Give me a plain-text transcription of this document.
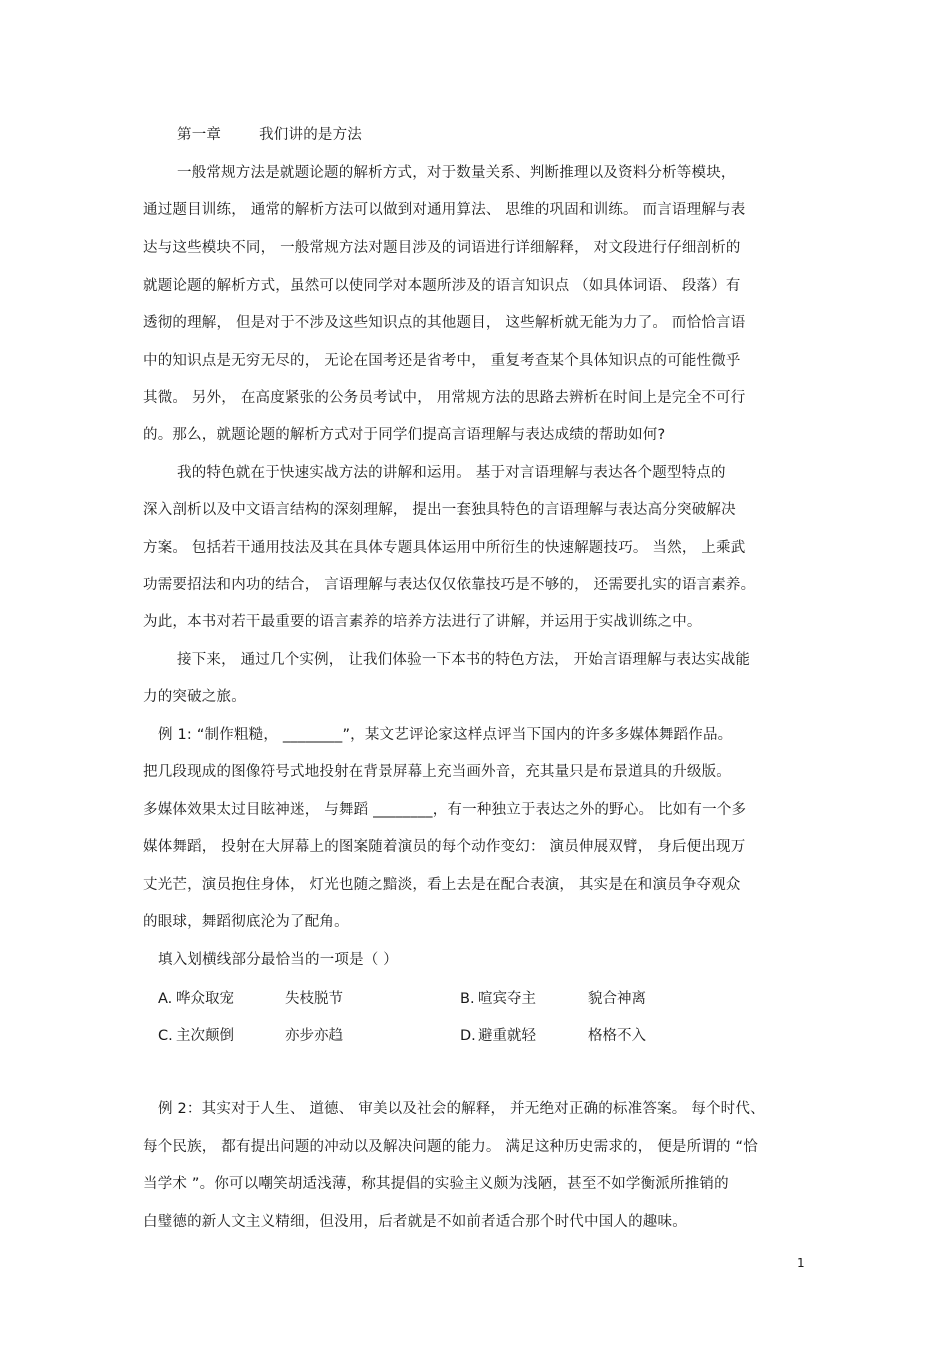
第一章	我们讲的是方法
一般常规方法是就题论题的解析方式，对于数量关系、判断推理以及资料分析等模块，
通过题目训练， 通常的解析方法可以做到对通用算法、 思维的巩固和训练。 而言语理解与表
达与这些模块不同， 一般常规方法对题目涉及的词语进行详细解释， 对文段进行仔细剖析的
就题论题的解析方式，虽然可以使同学对本题所涉及的语言知识点 （如具体词语、 段落）有
透彻的理解， 但是对于不涉及这些知识点的其他题目， 这些解析就无能为力了。 而恰恰言语
中的知识点是无穷无尽的， 无论在国考还是省考中， 重复考查某个具体知识点的可能性微乎
其微。 另外， 在高度紧张的公务员考试中， 用常规方法的思路去辨析在时间上是完全不可行
的。那么，就题论题的解析方式对于同学们提高言语理解与表达成绩的帮助如何?
我的特色就在于快速实战方法的讲解和运用。 基于对言语理解与表达各个题型特点的
深入剖析以及中文语言结构的深刻理解， 提出一套独具特色的言语理解与表达高分突破解决
方案。 包括若干通用技法及其在具体专题具体运用中所衍生的快速解题技巧。 当然， 上乘武
功需要招法和内功的结合， 言语理解与表达仅仅依靠技巧是不够的， 还需要扎实的语言素养。
为此，本书对若干最重要的语言素养的培养方法进行了讲解，并运用于实战训练之中。
接下来， 通过几个实例， 让我们体验一下本书的特色方法， 开始言语理解与表达实战能
力的突破之旅。
例 1: “制作粗糙， ________”，某文艺评论家这样点评当下国内的许多多媒体舞蹈作品。
把几段现成的图像符号式地投射在背景屏幕上充当画外音，充其量只是布景道具的升级版。
多媒体效果太过目眩神迷， 与舞蹈 ________，有一种独立于表达之外的野心。 比如有一个多
媒体舞蹈， 投射在大屏幕上的图案随着演员的每个动作变幻： 演员伸展双臂， 身后便出现万
丈光芒，演员抱住身体， 灯光也随之黯淡，看上去是在配合表演， 其实是在和演员争夺观众
的眼球，舞蹈彻底沦为了配角。
填入划横线部分最恰当的一项是（ ）
A. 哗众取宠	失枝脱节	B. 喧宾夺主	貌合神离
C. 主次颠倒	亦步亦趋	D. 避重就轻	格格不入
例 2：其实对于人生、 道德、 审美以及社会的解释， 并无绝对正确的标准答案。 每个时代、
每个民族， 都有提出问题的冲动以及解决问题的能力。 满足这种历史需求的， 便是所谓的 “恰
当学术 ”。你可以嘲笑胡适浅薄，称其提倡的实验主义颇为浅陋，甚至不如学衡派所推销的
白璧德的新人文主义精细，但没用，后者就是不如前者适合那个时代中国人的趣味。
1
